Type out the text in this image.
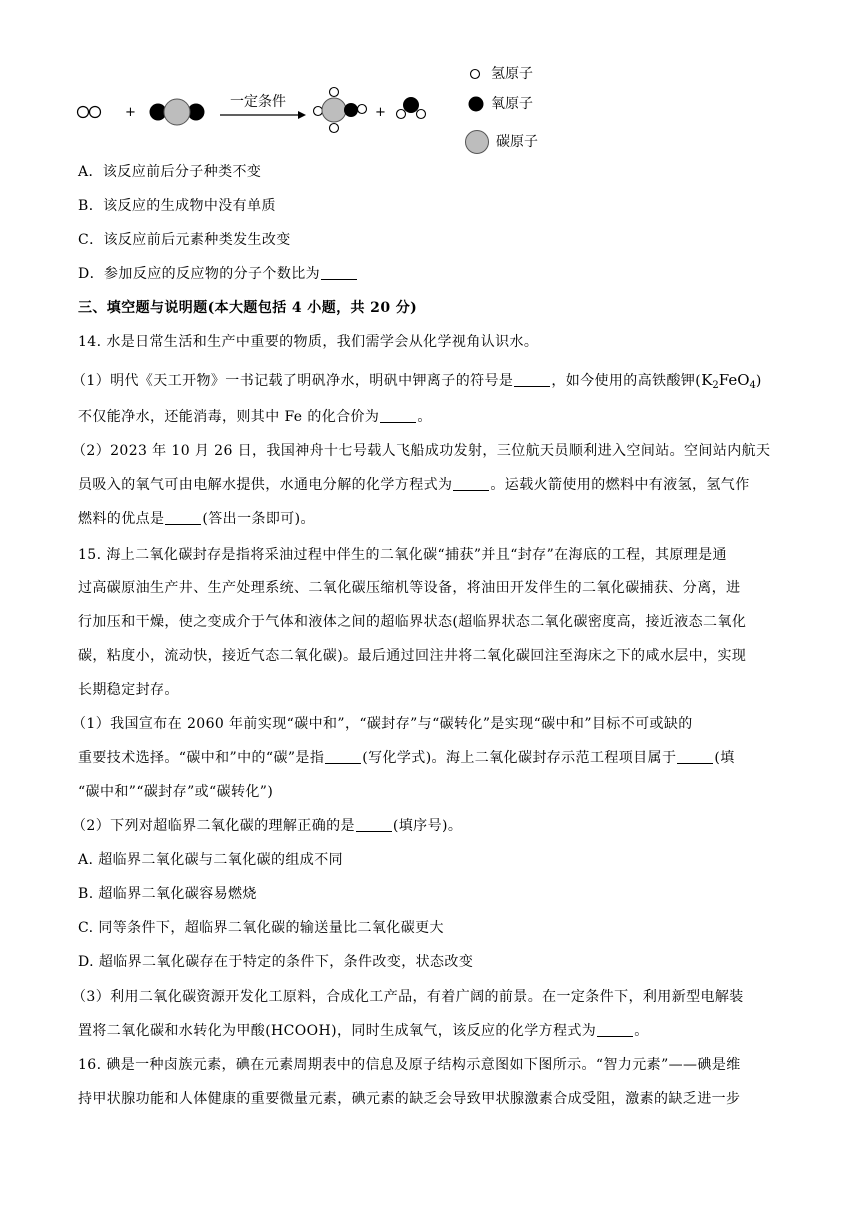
+	+
一定条件
氢原子
氧原子
碳原子
A．该反应前后分子种类不变
B．该反应的生成物中没有单质
C．该反应前后元素种类发生改变
D．参加反应的反应物的分子个数比为
三、填空题与说明题(本大题包括 4 小题，共 20 分)
14. 水是日常生活和生产中重要的物质，我们需学会从化学视角认识水。
（1）明代《天工开物》一书记载了明矾净水，明矾中钾离子的符号是	，如今使用的高铁酸钾$(K_2FeO_4)$
不仅能净水，还能消毒，则其中 Fe 的化合价为	。
（2）2023 年 10 月 26 日，我国神舟十七号载人飞船成功发射，三位航天员顺利进入空间站。空间站内航天
员吸入的氧气可由电解水提供，水通电分解的化学方程式为	。运载火箭使用的燃料中有液氢，氢气作
燃料的优点是	(答出一条即可)。
15. 海上二氧化碳封存是指将采油过程中伴生的二氧化碳“捕获”并且“封存”在海底的工程，其原理是通
过高碳原油生产井、生产处理系统、二氧化碳压缩机等设备，将油田开发伴生的二氧化碳捕获、分离，进
行加压和干燥，使之变成介于气体和液体之间的超临界状态(超临界状态二氧化碳密度高，接近液态二氧化
碳，粘度小，流动快，接近气态二氧化碳)。最后通过回注井将二氧化碳回注至海床之下的咸水层中，实现
长期稳定封存。
（1）我国宣布在 2060 年前实现“碳中和”，“碳封存”与“碳转化”是实现“碳中和”目标不可或缺的
重要技术选择。“碳中和”中的“碳”是指	(写化学式)。海上二氧化碳封存示范工程项目属于	(填
“碳中和”“碳封存”或“碳转化”)
（2）下列对超临界二氧化碳的理解正确的是	(填序号)。
A. 超临界二氧化碳与二氧化碳的组成不同
B. 超临界二氧化碳容易燃烧
C. 同等条件下，超临界二氧化碳的输送量比二氧化碳更大
D. 超临界二氧化碳存在于特定的条件下，条件改变，状态改变
（3）利用二氧化碳资源开发化工原料，合成化工产品，有着广阔的前景。在一定条件下，利用新型电解装
置将二氧化碳和水转化为甲酸(HCOOH)，同时生成氧气，该反应的化学方程式为	。
16. 碘是一种卤族元素，碘在元素周期表中的信息及原子结构示意图如下图所示。“智力元素”——碘是维
持甲状腺功能和人体健康的重要微量元素，碘元素的缺乏会导致甲状腺激素合成受阻，激素的缺乏进一步
